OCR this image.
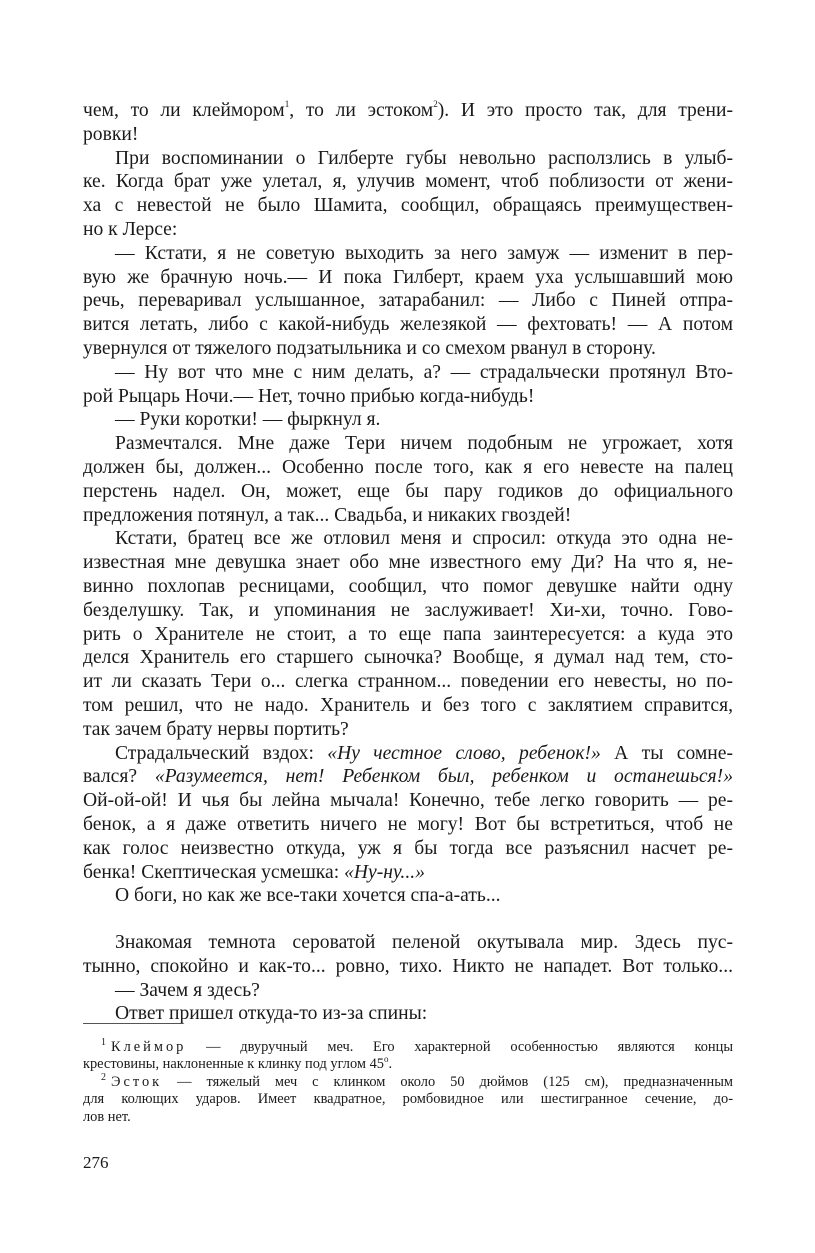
чем, то ли клеймором$^1$, то ли эстоком$^2$). И это просто так, для трени-
ровки!
При воспоминании о Гилберте губы невольно расползлись в улыб-
ке. Когда брат уже улетал, я, улучив момент, чтоб поблизости от жени-
ха с невестой не было Шамита, сообщил, обращаясь преимуществен-
но к Лерсе:
— Кстати, я не советую выходить за него замуж — изменит в пер-
вую же брачную ночь.— И пока Гилберт, краем уха услышавший мою
речь, переваривал услышанное, затарабанил: — Либо с Пиней отпра-
вится летать, либо с какой-нибудь железякой — фехтовать! — А потом
увернулся от тяжелого подзатыльника и со смехом рванул в сторону.
— Ну вот что мне с ним делать, а? — страдальчески протянул Вто-
рой Рыцарь Ночи.— Нет, точно прибью когда-нибудь!
— Руки коротки! — фыркнул я.
Размечтался. Мне даже Тери ничем подобным не угрожает, хотя
должен бы, должен... Особенно после того, как я его невесте на палец
перстень надел. Он, может, еще бы пару годиков до официального
предложения потянул, а так... Свадьба, и никаких гвоздей!
Кстати, братец все же отловил меня и спросил: откуда это одна не-
известная мне девушка знает обо мне известного ему Ди? На что я, не-
винно похлопав ресницами, сообщил, что помог девушке найти одну
безделушку. Так, и упоминания не заслуживает! Хи-хи, точно. Гово-
рить о Хранителе не стоит, а то еще папа заинтересуется: а куда это
делся Хранитель его старшего сыночка? Вообще, я думал над тем, сто-
ит ли сказать Тери о... слегка странном... поведении его невесты, но по-
том решил, что не надо. Хранитель и без того с заклятием справится,
так зачем брату нервы портить?
Страдальческий вздох: «Ну честное слово, ребенок!» А ты сомне-
вался? «Разумеется, нет! Ребенком был, ребенком и останешься!»
Ой-ой-ой! И чья бы лейна мычала! Конечно, тебе легко говорить — ре-
бенок, а я даже ответить ничего не могу! Вот бы встретиться, чтоб не
как голос неизвестно откуда, уж я бы тогда все разъяснил насчет ре-
бенка! Скептическая усмешка: «Ну-ну...»
О боги, но как же все-таки хочется спа-а-ать...
Знакомая темнота сероватой пеленой окутывала мир. Здесь пус-
тынно, спокойно и как-то... ровно, тихо. Никто не нападет. Вот только...
— Зачем я здесь?
Ответ пришел откуда-то из-за спины:
$^1$ Клеймор — двуручный меч. Его характерной особенностью являются концы
крестовины, наклоненные к клинку под углом 45$^o$.
$^2$ Эсток — тяжелый меч с клинком около 50 дюймов (125 см), предназначенным
для колющих ударов. Имеет квадратное, ромбовидное или шестигранное сечение, до-
лов нет.
276
